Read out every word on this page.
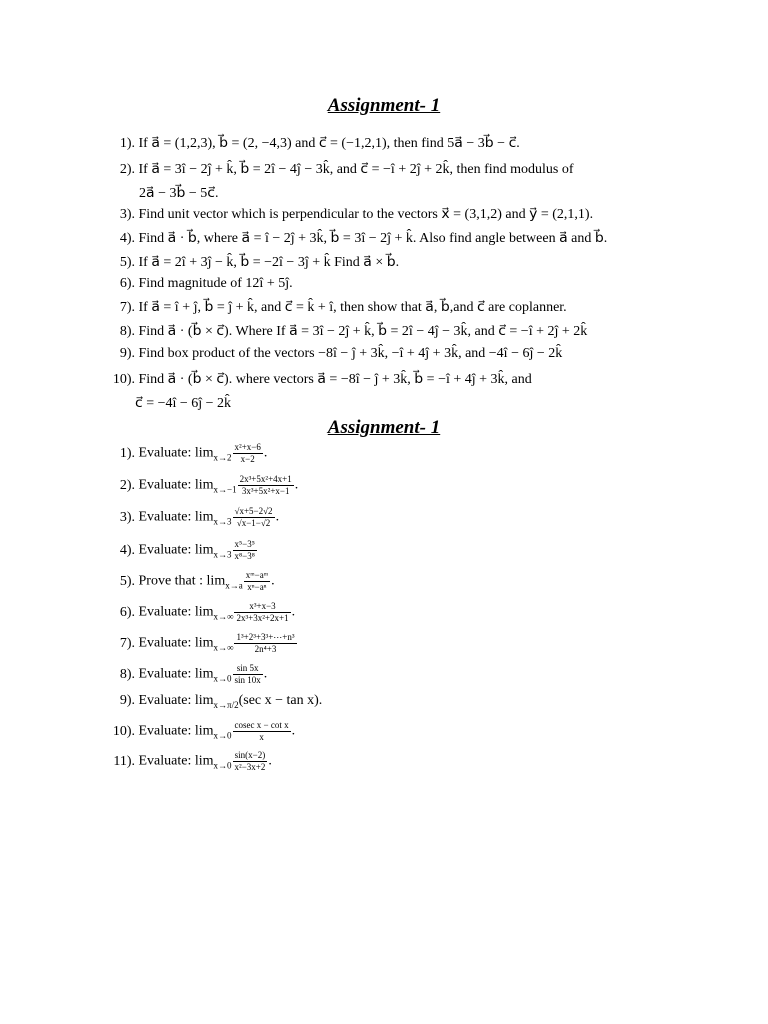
Assignment- 1
1). If a⃗ = (1,2,3), b⃗ = (2, −4,3) and c⃗ = (−1,2,1), then find 5a⃗ − 3b⃗ − c⃗.
2). If a⃗ = 3î − 2ĵ + k̂, b⃗ = 2î − 4ĵ − 3k̂, and c⃗ = −î + 2ĵ + 2k̂, then find modulus of
2a⃗ − 3b⃗ − 5c⃗.
3). Find unit vector which is perpendicular to the vectors x⃗ = (3,1,2) and y⃗ = (2,1,1).
4). Find a⃗ · b⃗, where a⃗ = î − 2ĵ + 3k̂, b⃗ = 3î − 2ĵ + k̂. Also find angle between a⃗ and b⃗.
5). If a⃗ = 2î + 3ĵ − k̂, b⃗ = −2î − 3ĵ + k̂ Find a⃗ × b⃗.
6). Find magnitude of 12î + 5ĵ.
7). If a⃗ = î + ĵ, b⃗ = ĵ + k̂, and c⃗ = k̂ + î, then show that a⃗, b⃗,and c⃗ are coplanner.
8). Find a⃗ · (b⃗ × c⃗). Where If a⃗ = 3î − 2ĵ + k̂, b⃗ = 2î − 4ĵ − 3k̂, and c⃗ = −î + 2ĵ + 2k̂
9). Find box product of the vectors −8î − ĵ + 3k̂, −î + 4ĵ + 3k̂, and −4î − 6ĵ − 2k̂
10). Find a⃗ · (b⃗ × c⃗). where vectors a⃗ = −8î − ĵ + 3k̂, b⃗ = −î + 4ĵ + 3k̂, and
c⃗ = −4î − 6ĵ − 2k̂
Assignment- 1
1). Evaluate: $\lim_{x\to 2} \frac{\text{x²+x−6}}{x-2}$ .
2). Evaluate: $\lim_{x\to-1} \frac{\text{2x³+5x²+4x+1}}{\text{3x³+5x²+x−1}}$ .
3). Evaluate: $\lim_{x\to 3} \frac{√x+5-2√2}{√x-1-√2}$ .
4). Evaluate: $\lim_{x\to 3} \frac{\text{x⁵−3⁵}}{\text{x⁸−3⁸}}$
5). Prove that : $\lim_{x\to a} \frac{\text{xᵐ−aᵐ}}{\text{xⁿ−aⁿ}}$ .
6). Evaluate: $\lim_{x\to\infty} \frac{\text{x³+x−3}}{\text{2x³+3x²+2x+1}}$ .
7). Evaluate: $\lim_{x\to\infty} \frac{\text{1³+2³+3³+⋯+n³}}{\text{2n⁴+3}}$
8). Evaluate: $\lim_{x\to 0} \frac{\sin 5x}{\sin 10x}$ .
9). Evaluate: $\lim_{x\to\pi/2}(\sec$ x − tan x).
10). Evaluate: $\lim_{x\to 0} \frac{\text{cosec x − cot x}}{x}$ .
11). Evaluate: $\lim_{x\to 0} \frac{\sin(x-2)}{\text{x²−3x+2}}$ .
